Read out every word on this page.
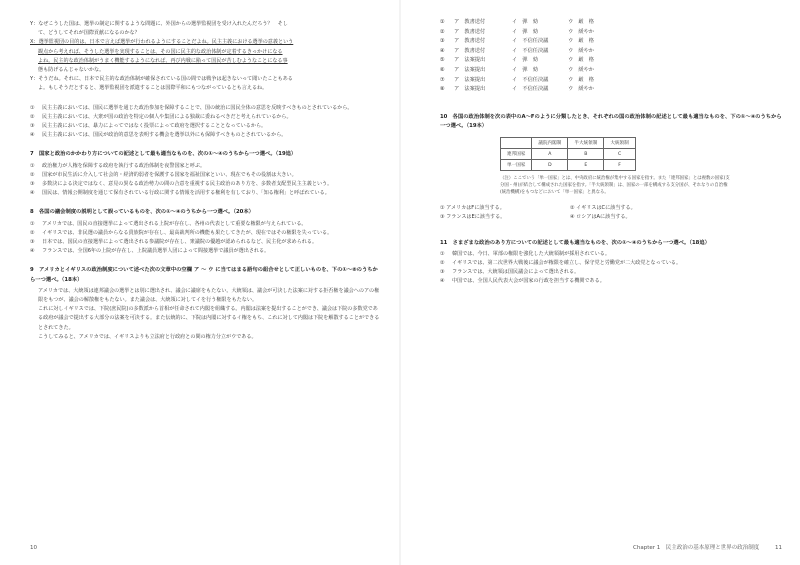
Y：なぜこうした国は、選挙の制定に関するような問題に、外国からの選挙監視団を受け入れたんだろう？　そし

て、どうしてそれが国際貢献になるのかな？

X：選挙監視団の目的は、日本で言えば選挙が行われるようにすることだよね。民主主義における選挙の意義という

観点から考えれば、そうした選挙を実現することは、その国に民主的な政治体制が定着するきっかけになる

よね。民主的な政治体制がうまく機能するようになれば、再び内戦に陥って国民が苦しむようなことになる事

態も防げるんじゃないかな。

Y：そうだね。それに、日本で民主的な政治体制が確保されている国の間では戦争は起きないって聞いたこともある

よ。もしそうだとすると、選挙監視団を派遣することは国際平和にもつながっているとも言えるね。

①	民主主義においては、国民に選挙を通じた政治参加を保障することで、国の統治に国民全体の意思を反映すべきものとされているから。
②	民主主義においては、大衆が国の政治を特定の個人や集団による独裁に委ねるべきだと考えられているから。
③	民主主義においては、暴力によってではなく投票によって政府を選択することとなっているから。
④	民主主義においては、国民が政治的意思を表明する機会を選挙以外にも保障すべきものとされているから。
7　国家と政治のかかわり方についての記述として最も適当なものを、次の①～④のうちから一つ選べ。（19追）
①	政治権力が人権を保障する政府を執行する政治体制を夜警国家と呼ぶ。
②	国家が市民生活に介入して社会的・経済的弱者を保護する国家を福祉国家といい、現在でもその役割は大きい。
③	多数決による決定ではなく、意見の異なる政治勢力の間の合意を重視する民主政治のあり方を、多数者支配型民主主義という。
④	国民は、情報公開制度を通じて保有されている行政に関する情報を活用する権利を有しており、「知る権利」と呼ばれている。
8　各国の議会制度の説明として誤っているものを、次の①～④のうちから一つ選べ。（20本）
①	アメリカでは、国民の直接選挙によって選出される上院が存在し、各州の代表として重要な権限が与えられている。
②	イギリスでは、非民選の議員からなる貴族院が存在し、最高裁判所の機能も果たしてきたが、現在ではその権限を失っている。
③	日本では、国民の直接選挙によって選出される参議院が存在し、衆議院の優越が認められるなど、民主化が求められる。
④	フランスでは、全国6年の上院が存在し、上院議員選挙人団によって間接選挙で議員が選出される。
9　アメリカとイギリスの政治制度について述べた次の文章中の空欄 ア ～ ウ に当てはまる語句の組合せとして正しいものを、下の①～⑧のうちから一つ選べ。（18本）

アメリカでは、大統領は連邦議会の選挙とは別に選出され、議会に議席をもたない。大統領は、議会が可決した法案に対する拒否権を議会へのアの権限をもつが、議会の解散権をもたない。また議会は、大統領に対してイを行う権限をもたない。

これに対しイギリスでは、下院(庶民院)の多数派から首相が任命されて内閣を組織する。内閣は法案を提出することができ、議会は下院の多数党である政府が議会で提出する大部分の法案を可決する。また伝統的に、下院は内閣に対するイ権をもち、これに対して内閣は下院を解散することができるとされてきた。

こうしてみると、アメリカでは、イギリスよりも立法府と行政府との間の権力分立がウである。

10
①	ア　教書送付	イ　弾　劾	ウ　厳　格
②	ア　教書送付	イ　弾　劾	ウ　緩やか
③	ア　教書送付	イ　不信任決議	ウ　厳　格
④	ア　教書送付	イ　不信任決議	ウ　緩やか
⑤	ア　法案提出	イ　弾　劾	ウ　厳　格
⑥	ア　法案提出	イ　弾　劾	ウ　緩やか
⑦	ア　法案提出	イ　不信任決議	ウ　厳　格
⑧	ア　法案提出	イ　不信任決議	ウ　緩やか
10　各国の政治体制を次の表中のA～Fのように分類したとき、それぞれの国の政治体制の記述として最も適当なものを、下の①～④のうちから一つ選べ。（19本）
	議院内閣制	半大統領制	大統領制
連邦国家	A	B	C
単一国家	D	E	F
（注）ここでいう「単一国家」とは、中央政府に統治権が集中する国家を指す。また「連邦国家」とは複数の国家(支分国・州)が結合して構成された国家を指す。「半大統領制」は、国家の一部を構成する支分国が、それなりの自治権(統治機構)をもつなどにおいて「単一国家」と異なる。
① アメリカはFに該当する。	② イギリスはCに該当する。
③ フランスはEに該当する。	④ ロシアはAに該当する。
11　さまざまな政治のあり方についての記述として最も適当なものを、次の①～④のうちから一つ選べ。（18追）
①	韓国では、今日、軍部の権限を強化した大統領制が採用されている。
②	イギリスでは、第二次世界大戦後に議会が権限を確立し、保守党と労働党が二大政党となっている。
③	フランスでは、大統領は国民議会によって選出される。
④	中国では、全国人民代表大会が国家の行政を担当する機関である。
Chapter 1　民主政治の基本原理と世界の政治制度	11
